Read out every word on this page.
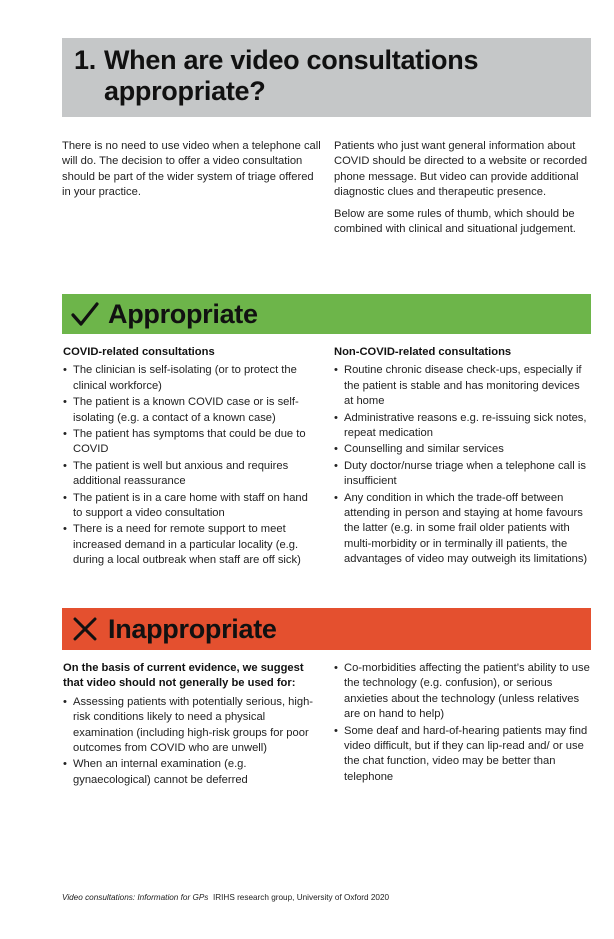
1. When are video consultations
appropriate?

There is no need to use video when a telephone call will do. The decision to offer a video consultation should be part of the wider system of triage offered in your practice.

Patients who just want general information about COVID should be directed to a website or recorded phone message. But video can provide additional diagnostic clues and therapeutic presence.

Below are some rules of thumb, which should be combined with clinical and situational judgement.

Appropriate
COVID-related consultations
• The clinician is self-isolating (or to protect the clinical workforce)
• The patient is a known COVID case or is self-isolating (e.g. a contact of a known case)
• The patient has symptoms that could be due to COVID
• The patient is well but anxious and requires additional reassurance
• The patient is in a care home with staff on hand to support a video consultation
• There is a need for remote support to meet increased demand in a particular locality (e.g. during a local outbreak when staff are off sick)
Non-COVID-related consultations
• Routine chronic disease check-ups, especially if the patient is stable and has monitoring devices at home
• Administrative reasons e.g. re-issuing sick notes, repeat medication
• Counselling and similar services
• Duty doctor/nurse triage when a telephone call is insufficient
• Any condition in which the trade-off between attending in person and staying at home favours the latter (e.g. in some frail older patients with multi-morbidity or in terminally ill patients, the advantages of video may outweigh its limitations)
Inappropriate
On the basis of current evidence, we suggest that video should not generally be used for:
• Assessing patients with potentially serious, high-risk conditions likely to need a physical examination (including high-risk groups for poor outcomes from COVID who are unwell)
• When an internal examination (e.g. gynaecological) cannot be deferred
• Co-morbidities affecting the patient’s ability to use the technology (e.g. confusion), or serious anxieties about the technology (unless relatives are on hand to help)
• Some deaf and hard-of-hearing patients may find video difficult, but if they can lip-read and/ or use the chat function, video may be better than telephone
Video consultations: Information for GPs IRIHS research group, University of Oxford 2020
